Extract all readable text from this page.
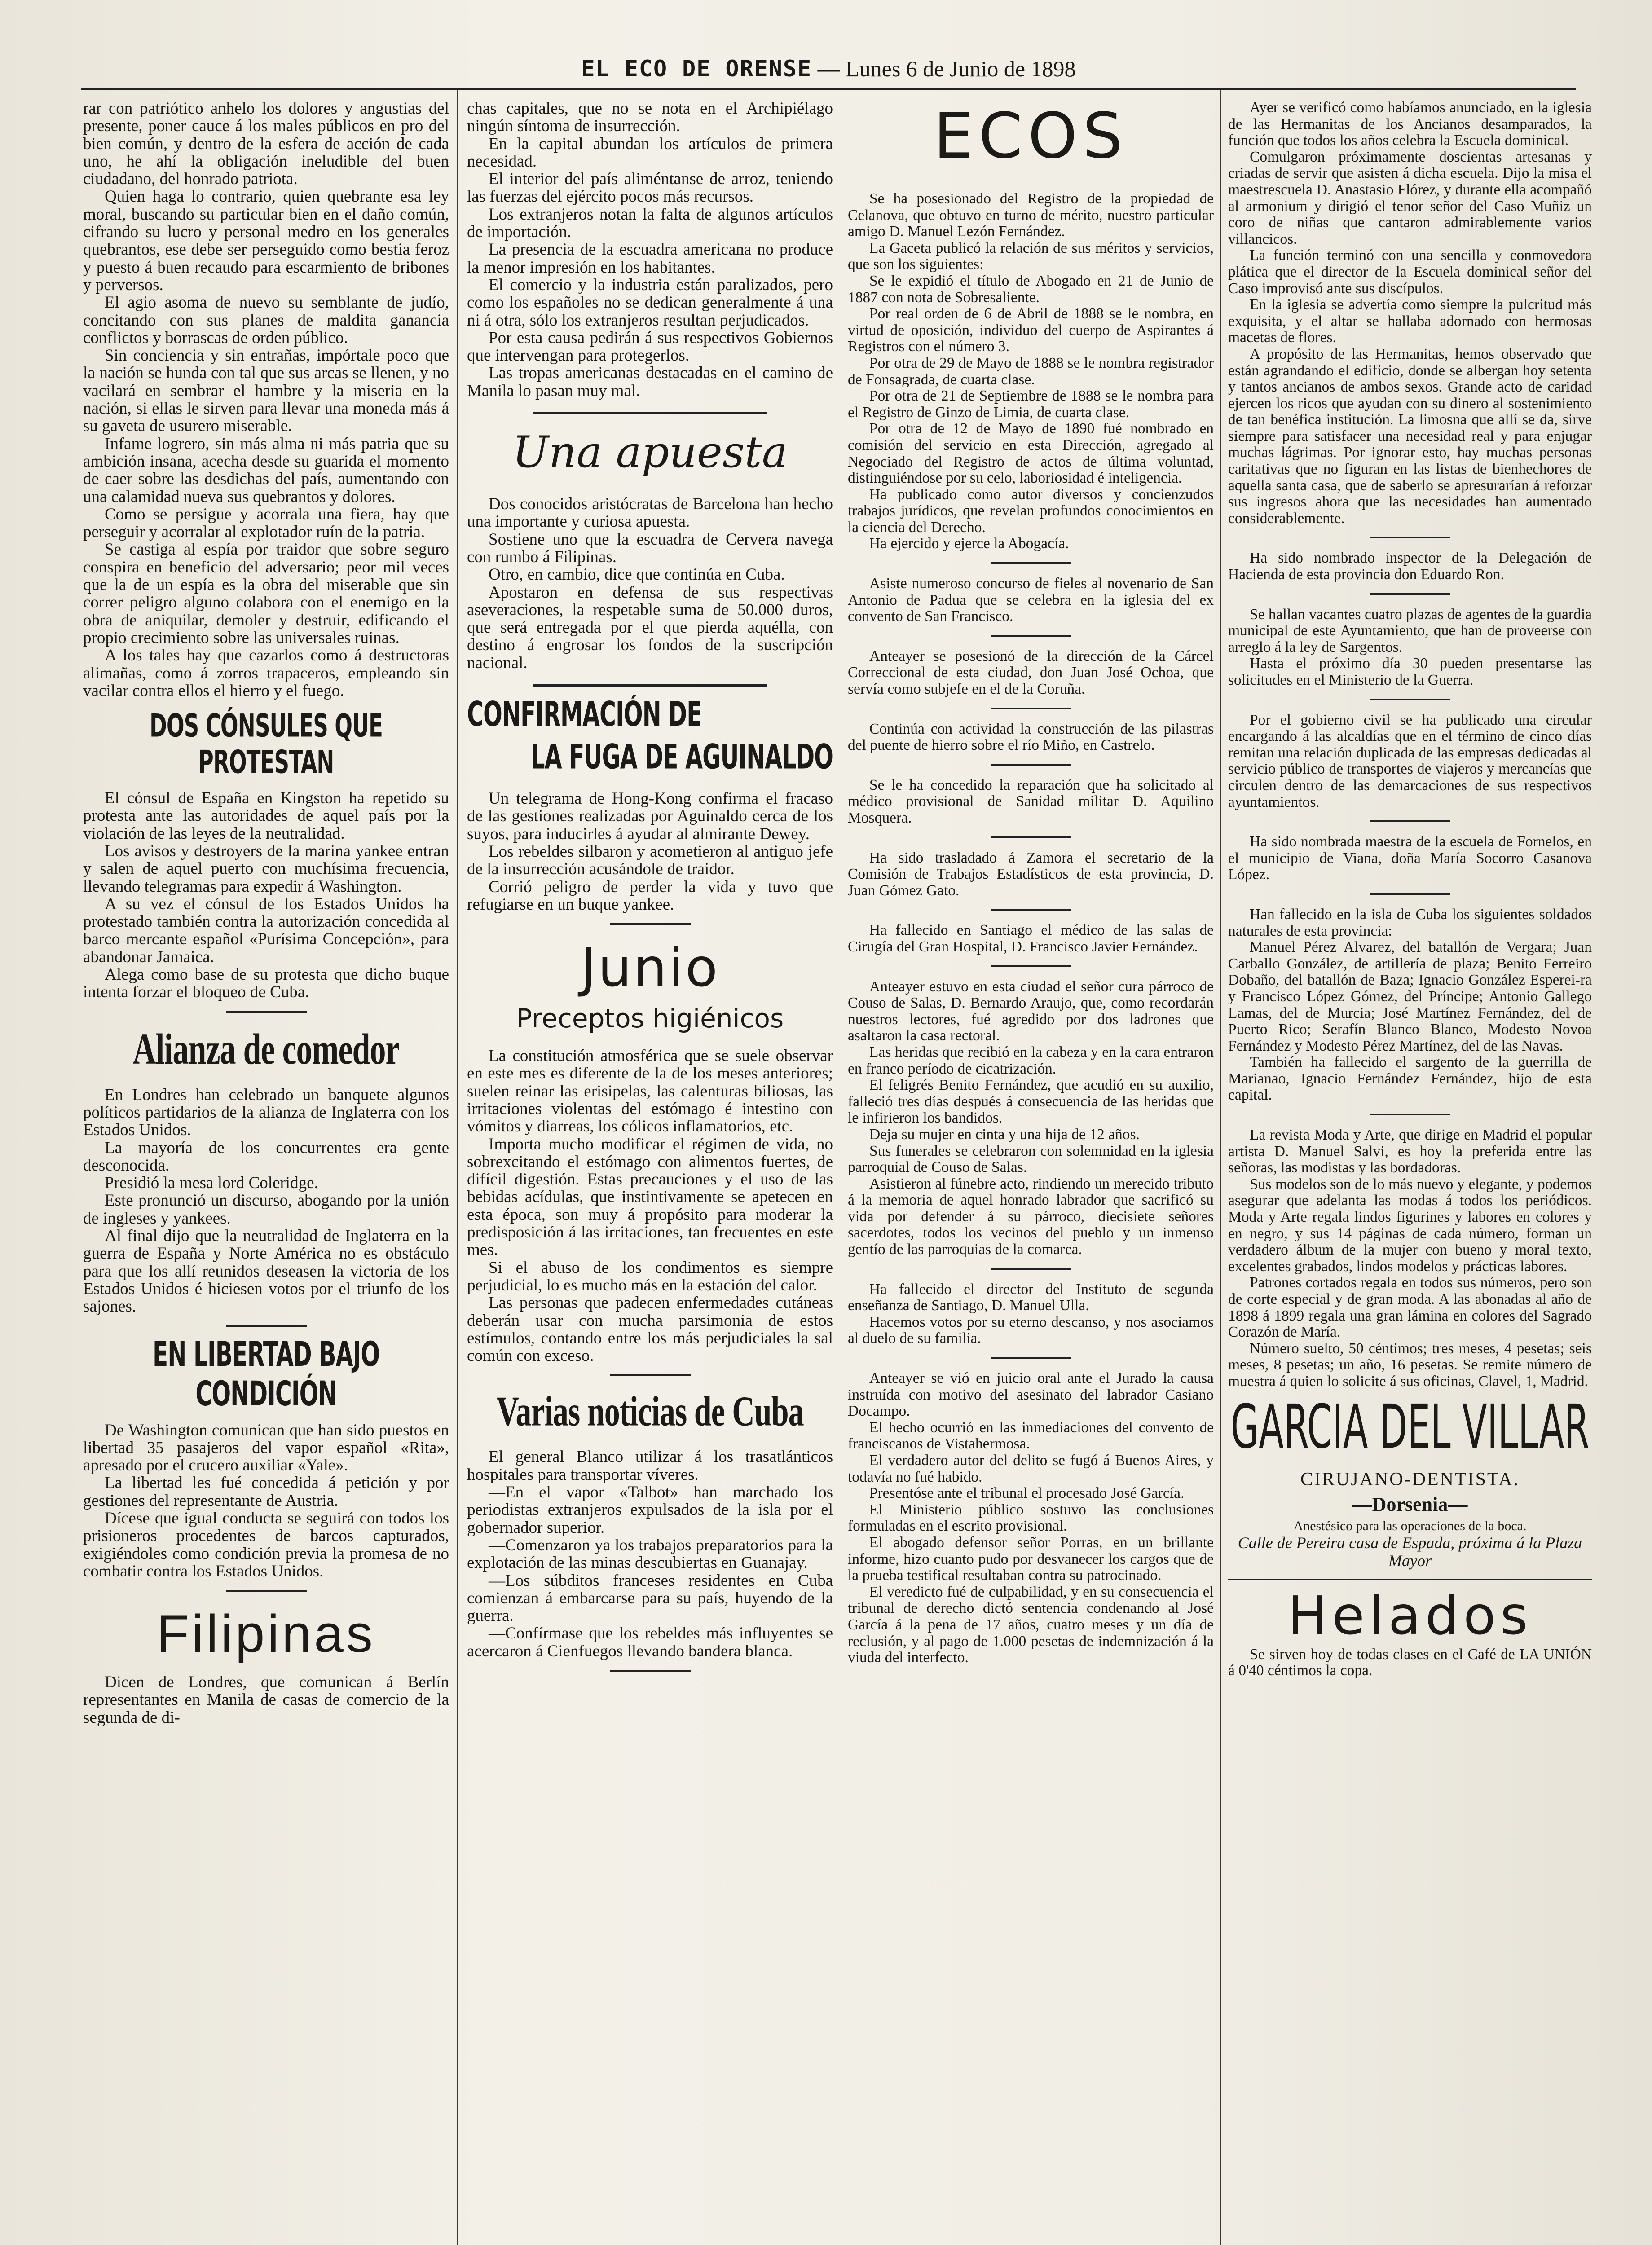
EL ECO DE ORENSE — Lunes 6 de Junio de 1898

rar con patriótico anhelo los dolores y angustias del presente, poner cauce á los males públicos en pro del bien común, y dentro de la esfera de acción de cada uno, he ahí la obligación ineludible del buen ciudadano, del honrado patriota.

Quien haga lo contrario, quien quebrante esa ley moral, buscando su particular bien en el daño común, cifrando su lucro y personal medro en los generales quebrantos, ese debe ser perseguido como bestia feroz y puesto á buen recaudo para escarmiento de bribones y perversos.

El agio asoma de nuevo su semblante de judío, concitando con sus planes de maldita ganancia conflictos y borrascas de orden público.

Sin conciencia y sin entrañas, impórtale poco que la nación se hunda con tal que sus arcas se llenen, y no vacilará en sembrar el hambre y la miseria en la nación, si ellas le sirven para llevar una moneda más á su gaveta de usurero miserable.

Infame logrero, sin más alma ni más patria que su ambición insana, acecha desde su guarida el momento de caer sobre las desdichas del país, aumentando con una calamidad nueva sus quebrantos y dolores.

Como se persigue y acorrala una fiera, hay que perseguir y acorralar al explotador ruín de la patria.

Se castiga al espía por traidor que sobre seguro conspira en beneficio del adversario; peor mil veces que la de un espía es la obra del miserable que sin correr peligro alguno colabora con el enemigo en la obra de aniquilar, demoler y destruir, edificando el propio crecimiento sobre las universales ruinas.

A los tales hay que cazarlos como á destructoras alimañas, como á zorros trapaceros, empleando sin vacilar contra ellos el hierro y el fuego.

DOS CÓNSULES QUE PROTESTAN

El cónsul de España en Kingston ha repetido su protesta ante las autoridades de aquel país por la violación de las leyes de la neutralidad.

Los avisos y destroyers de la marina yankee entran y salen de aquel puerto con muchísima frecuencia, llevando telegramas para expedir á Washington.

A su vez el cónsul de los Estados Unidos ha protestado también contra la autorización concedida al barco mercante español «Purísima Concepción», para abandonar Jamaica.

Alega como base de su protesta que dicho buque intenta forzar el bloqueo de Cuba.

Alianza de comedor

En Londres han celebrado un banquete algunos políticos partidarios de la alianza de Inglaterra con los Estados Unidos.

La mayoría de los concurrentes era gente desconocida.

Presidió la mesa lord Coleridge.

Este pronunció un discurso, abogando por la unión de ingleses y yankees.

Al final dijo que la neutralidad de Inglaterra en la guerra de España y Norte América no es obstáculo para que los allí reunidos deseasen la victoria de los Estados Unidos é hiciesen votos por el triunfo de los sajones.

EN LIBERTAD BAJO CONDICIÓN

De Washington comunican que han sido puestos en libertad 35 pasajeros del vapor español «Rita», apresado por el crucero auxiliar «Yale».

La libertad les fué concedida á petición y por gestiones del representante de Austria.

Dícese que igual conducta se seguirá con todos los prisioneros procedentes de barcos capturados, exigiéndoles como condición previa la promesa de no combatir contra los Estados Unidos.

Filipinas

Dicen de Londres, que comunican á Berlín representantes en Manila de casas de comercio de la segunda de di-

chas capitales, que no se nota en el Archipiélago ningún síntoma de insurrección.

En la capital abundan los artículos de primera necesidad.

El interior del país aliméntanse de arroz, teniendo las fuerzas del ejército pocos más recursos.

Los extranjeros notan la falta de algunos artículos de importación.

La presencia de la escuadra americana no produce la menor impresión en los habitantes.

El comercio y la industria están paralizados, pero como los españoles no se dedican generalmente á una ni á otra, sólo los extranjeros resultan perjudicados.

Por esta causa pedirán á sus respectivos Gobiernos que intervengan para protegerlos.

Las tropas americanas destacadas en el camino de Manila lo pasan muy mal.

Una apuesta

Dos conocidos aristócratas de Barcelona han hecho una importante y curiosa apuesta.

Sostiene uno que la escuadra de Cervera navega con rumbo á Filipinas.

Otro, en cambio, dice que continúa en Cuba.

Apostaron en defensa de sus respectivas aseveraciones, la respetable suma de 50.000 duros, que será entregada por el que pierda aquélla, con destino á engrosar los fondos de la suscripción nacional.

CONFIRMACIÓN DE
LA FUGA DE AGUINALDO

Un telegrama de Hong-Kong confirma el fracaso de las gestiones realizadas por Aguinaldo cerca de los suyos, para inducirles á ayudar al almirante Dewey.

Los rebeldes silbaron y acometieron al antiguo jefe de la insurrección acusándole de traidor.

Corrió peligro de perder la vida y tuvo que refugiarse en un buque yankee.

Junio
Preceptos higiénicos

La constitución atmosférica que se suele observar en este mes es diferente de la de los meses anteriores; suelen reinar las erisipelas, las calenturas biliosas, las irritaciones violentas del estómago é intestino con vómitos y diarreas, los cólicos inflamatorios, etc.

Importa mucho modificar el régimen de vida, no sobrexcitando el estómago con alimentos fuertes, de difícil digestión. Estas precauciones y el uso de las bebidas acídulas, que instintivamente se apetecen en esta época, son muy á propósito para moderar la predisposición á las irritaciones, tan frecuentes en este mes.

Si el abuso de los condimentos es siempre perjudicial, lo es mucho más en la estación del calor.

Las personas que padecen enfermedades cutáneas deberán usar con mucha parsimonia de estos estímulos, contando entre los más perjudiciales la sal común con exceso.

Varias noticias de Cuba

El general Blanco utilizar á los trasatlánticos hospitales para transportar víveres.

—En el vapor «Talbot» han marchado los periodistas extranjeros expulsados de la isla por el gobernador superior.

—Comenzaron ya los trabajos preparatorios para la explotación de las minas descubiertas en Guanajay.

—Los súbditos franceses residentes en Cuba comienzan á embarcarse para su país, huyendo de la guerra.

—Confírmase que los rebeldes más influyentes se acercaron á Cienfuegos llevando bandera blanca.

ECOS

Se ha posesionado del Registro de la propiedad de Celanova, que obtuvo en turno de mérito, nuestro particular amigo D. Manuel Lezón Fernández.

La Gaceta publicó la relación de sus méritos y servicios, que son los siguientes:

Se le expidió el título de Abogado en 21 de Junio de 1887 con nota de Sobresaliente.

Por real orden de 6 de Abril de 1888 se le nombra, en virtud de oposición, individuo del cuerpo de Aspirantes á Registros con el número 3.

Por otra de 29 de Mayo de 1888 se le nombra registrador de Fonsagrada, de cuarta clase.

Por otra de 21 de Septiembre de 1888 se le nombra para el Registro de Ginzo de Limia, de cuarta clase.

Por otra de 12 de Mayo de 1890 fué nombrado en comisión del servicio en esta Dirección, agregado al Negociado del Registro de actos de última voluntad, distinguiéndose por su celo, laboriosidad é inteligencia.

Ha publicado como autor diversos y concienzudos trabajos jurídicos, que revelan profundos conocimientos en la ciencia del Derecho.

Ha ejercido y ejerce la Abogacía.

Asiste numeroso concurso de fieles al novenario de San Antonio de Padua que se celebra en la iglesia del ex convento de San Francisco.

Anteayer se posesionó de la dirección de la Cárcel Correccional de esta ciudad, don Juan José Ochoa, que servía como subjefe en el de la Coruña.

Continúa con actividad la construcción de las pilastras del puente de hierro sobre el río Miño, en Castrelo.

Se le ha concedido la reparación que ha solicitado al médico provisional de Sanidad militar D. Aquilino Mosquera.

Ha sido trasladado á Zamora el secretario de la Comisión de Trabajos Estadísticos de esta provincia, D. Juan Gómez Gato.

Ha fallecido en Santiago el médico de las salas de Cirugía del Gran Hospital, D. Francisco Javier Fernández.

Anteayer estuvo en esta ciudad el señor cura párroco de Couso de Salas, D. Bernardo Araujo, que, como recordarán nuestros lectores, fué agredido por dos ladrones que asaltaron la casa rectoral.

Las heridas que recibió en la cabeza y en la cara entraron en franco período de cicatrización.

El feligrés Benito Fernández, que acudió en su auxilio, falleció tres días después á consecuencia de las heridas que le infirieron los bandidos.

Deja su mujer en cinta y una hija de 12 años.

Sus funerales se celebraron con solemnidad en la iglesia parroquial de Couso de Salas.

Asistieron al fúnebre acto, rindiendo un merecido tributo á la memoria de aquel honrado labrador que sacrificó su vida por defender á su párroco, diecisiete señores sacerdotes, todos los vecinos del pueblo y un inmenso gentío de las parroquias de la comarca.

Ha fallecido el director del Instituto de segunda enseñanza de Santiago, D. Manuel Ulla.

Hacemos votos por su eterno descanso, y nos asociamos al duelo de su familia.

Anteayer se vió en juicio oral ante el Jurado la causa instruída con motivo del asesinato del labrador Casiano Docampo.

El hecho ocurrió en las inmediaciones del convento de franciscanos de Vistahermosa.

El verdadero autor del delito se fugó á Buenos Aires, y todavía no fué habido.

Presentóse ante el tribunal el procesado José García.

El Ministerio público sostuvo las conclusiones formuladas en el escrito provisional.

El abogado defensor señor Porras, en un brillante informe, hizo cuanto pudo por desvanecer los cargos que de la prueba testifical resultaban contra su patrocinado.

El veredicto fué de culpabilidad, y en su consecuencia el tribunal de derecho dictó sentencia condenando al José García á la pena de 17 años, cuatro meses y un día de reclusión, y al pago de 1.000 pesetas de indemnización á la viuda del interfecto.

Ayer se verificó como habíamos anunciado, en la iglesia de las Hermanitas de los Ancianos desamparados, la función que todos los años celebra la Escuela dominical.

Comulgaron próximamente doscientas artesanas y criadas de servir que asisten á dicha escuela. Dijo la misa el maestrescuela D. Anastasio Flórez, y durante ella acompañó al armonium y dirigió el tenor señor del Caso Muñiz un coro de niñas que cantaron admirablemente varios villancicos.

La función terminó con una sencilla y conmovedora plática que el director de la Escuela dominical señor del Caso improvisó ante sus discípulos.

En la iglesia se advertía como siempre la pulcritud más exquisita, y el altar se hallaba adornado con hermosas macetas de flores.

A propósito de las Hermanitas, hemos observado que están agrandando el edificio, donde se albergan hoy setenta y tantos ancianos de ambos sexos. Grande acto de caridad ejercen los ricos que ayudan con su dinero al sostenimiento de tan benéfica institución. La limosna que allí se da, sirve siempre para satisfacer una necesidad real y para enjugar muchas lágrimas. Por ignorar esto, hay muchas personas caritativas que no figuran en las listas de bienhechores de aquella santa casa, que de saberlo se apresurarían á reforzar sus ingresos ahora que las necesidades han aumentado considerablemente.

Ha sido nombrado inspector de la Delegación de Hacienda de esta provincia don Eduardo Ron.

Se hallan vacantes cuatro plazas de agentes de la guardia municipal de este Ayuntamiento, que han de proveerse con arreglo á la ley de Sargentos.

Hasta el próximo día 30 pueden presentarse las solicitudes en el Ministerio de la Guerra.

Por el gobierno civil se ha publicado una circular encargando á las alcaldías que en el término de cinco días remitan una relación duplicada de las empresas dedicadas al servicio público de transportes de viajeros y mercancías que circulen dentro de las demarcaciones de sus respectivos ayuntamientos.

Ha sido nombrada maestra de la escuela de Fornelos, en el municipio de Viana, doña María Socorro Casanova López.

Han fallecido en la isla de Cuba los siguientes soldados naturales de esta provincia:

Manuel Pérez Alvarez, del batallón de Vergara; Juan Carballo González, de artillería de plaza; Benito Ferreiro Dobaño, del batallón de Baza; Ignacio González Esperei-ra y Francisco López Gómez, del Príncipe; Antonio Gallego Lamas, del de Murcia; José Martínez Fernández, del de Puerto Rico; Serafín Blanco Blanco, Modesto Novoa Fernández y Modesto Pérez Martínez, del de las Navas.

También ha fallecido el sargento de la guerrilla de Marianao, Ignacio Fernández Fernández, hijo de esta capital.

La revista Moda y Arte, que dirige en Madrid el popular artista D. Manuel Salvi, es hoy la preferida entre las señoras, las modistas y las bordadoras.

Sus modelos son de lo más nuevo y elegante, y podemos asegurar que adelanta las modas á todos los periódicos. Moda y Arte regala lindos figurines y labores en colores y en negro, y sus 14 páginas de cada número, forman un verdadero álbum de la mujer con bueno y moral texto, excelentes grabados, lindos modelos y prácticas labores.

Patrones cortados regala en todos sus números, pero son de corte especial y de gran moda. A las abonadas al año de 1898 á 1899 regala una gran lámina en colores del Sagrado Corazón de María.

Número suelto, 50 céntimos; tres meses, 4 pesetas; seis meses, 8 pesetas; un año, 16 pesetas. Se remite número de muestra á quien lo solicite á sus oficinas, Clavel, 1, Madrid.

GARCIA DEL VILLAR
CIRUJANO-DENTISTA.
—Dorsenia—
Anestésico para las operaciones de la boca.
Calle de Pereira casa de Espada, próxima á la Plaza Mayor
Helados

Se sirven hoy de todas clases en el Café de LA UNIÓN á 0'40 céntimos la copa.
